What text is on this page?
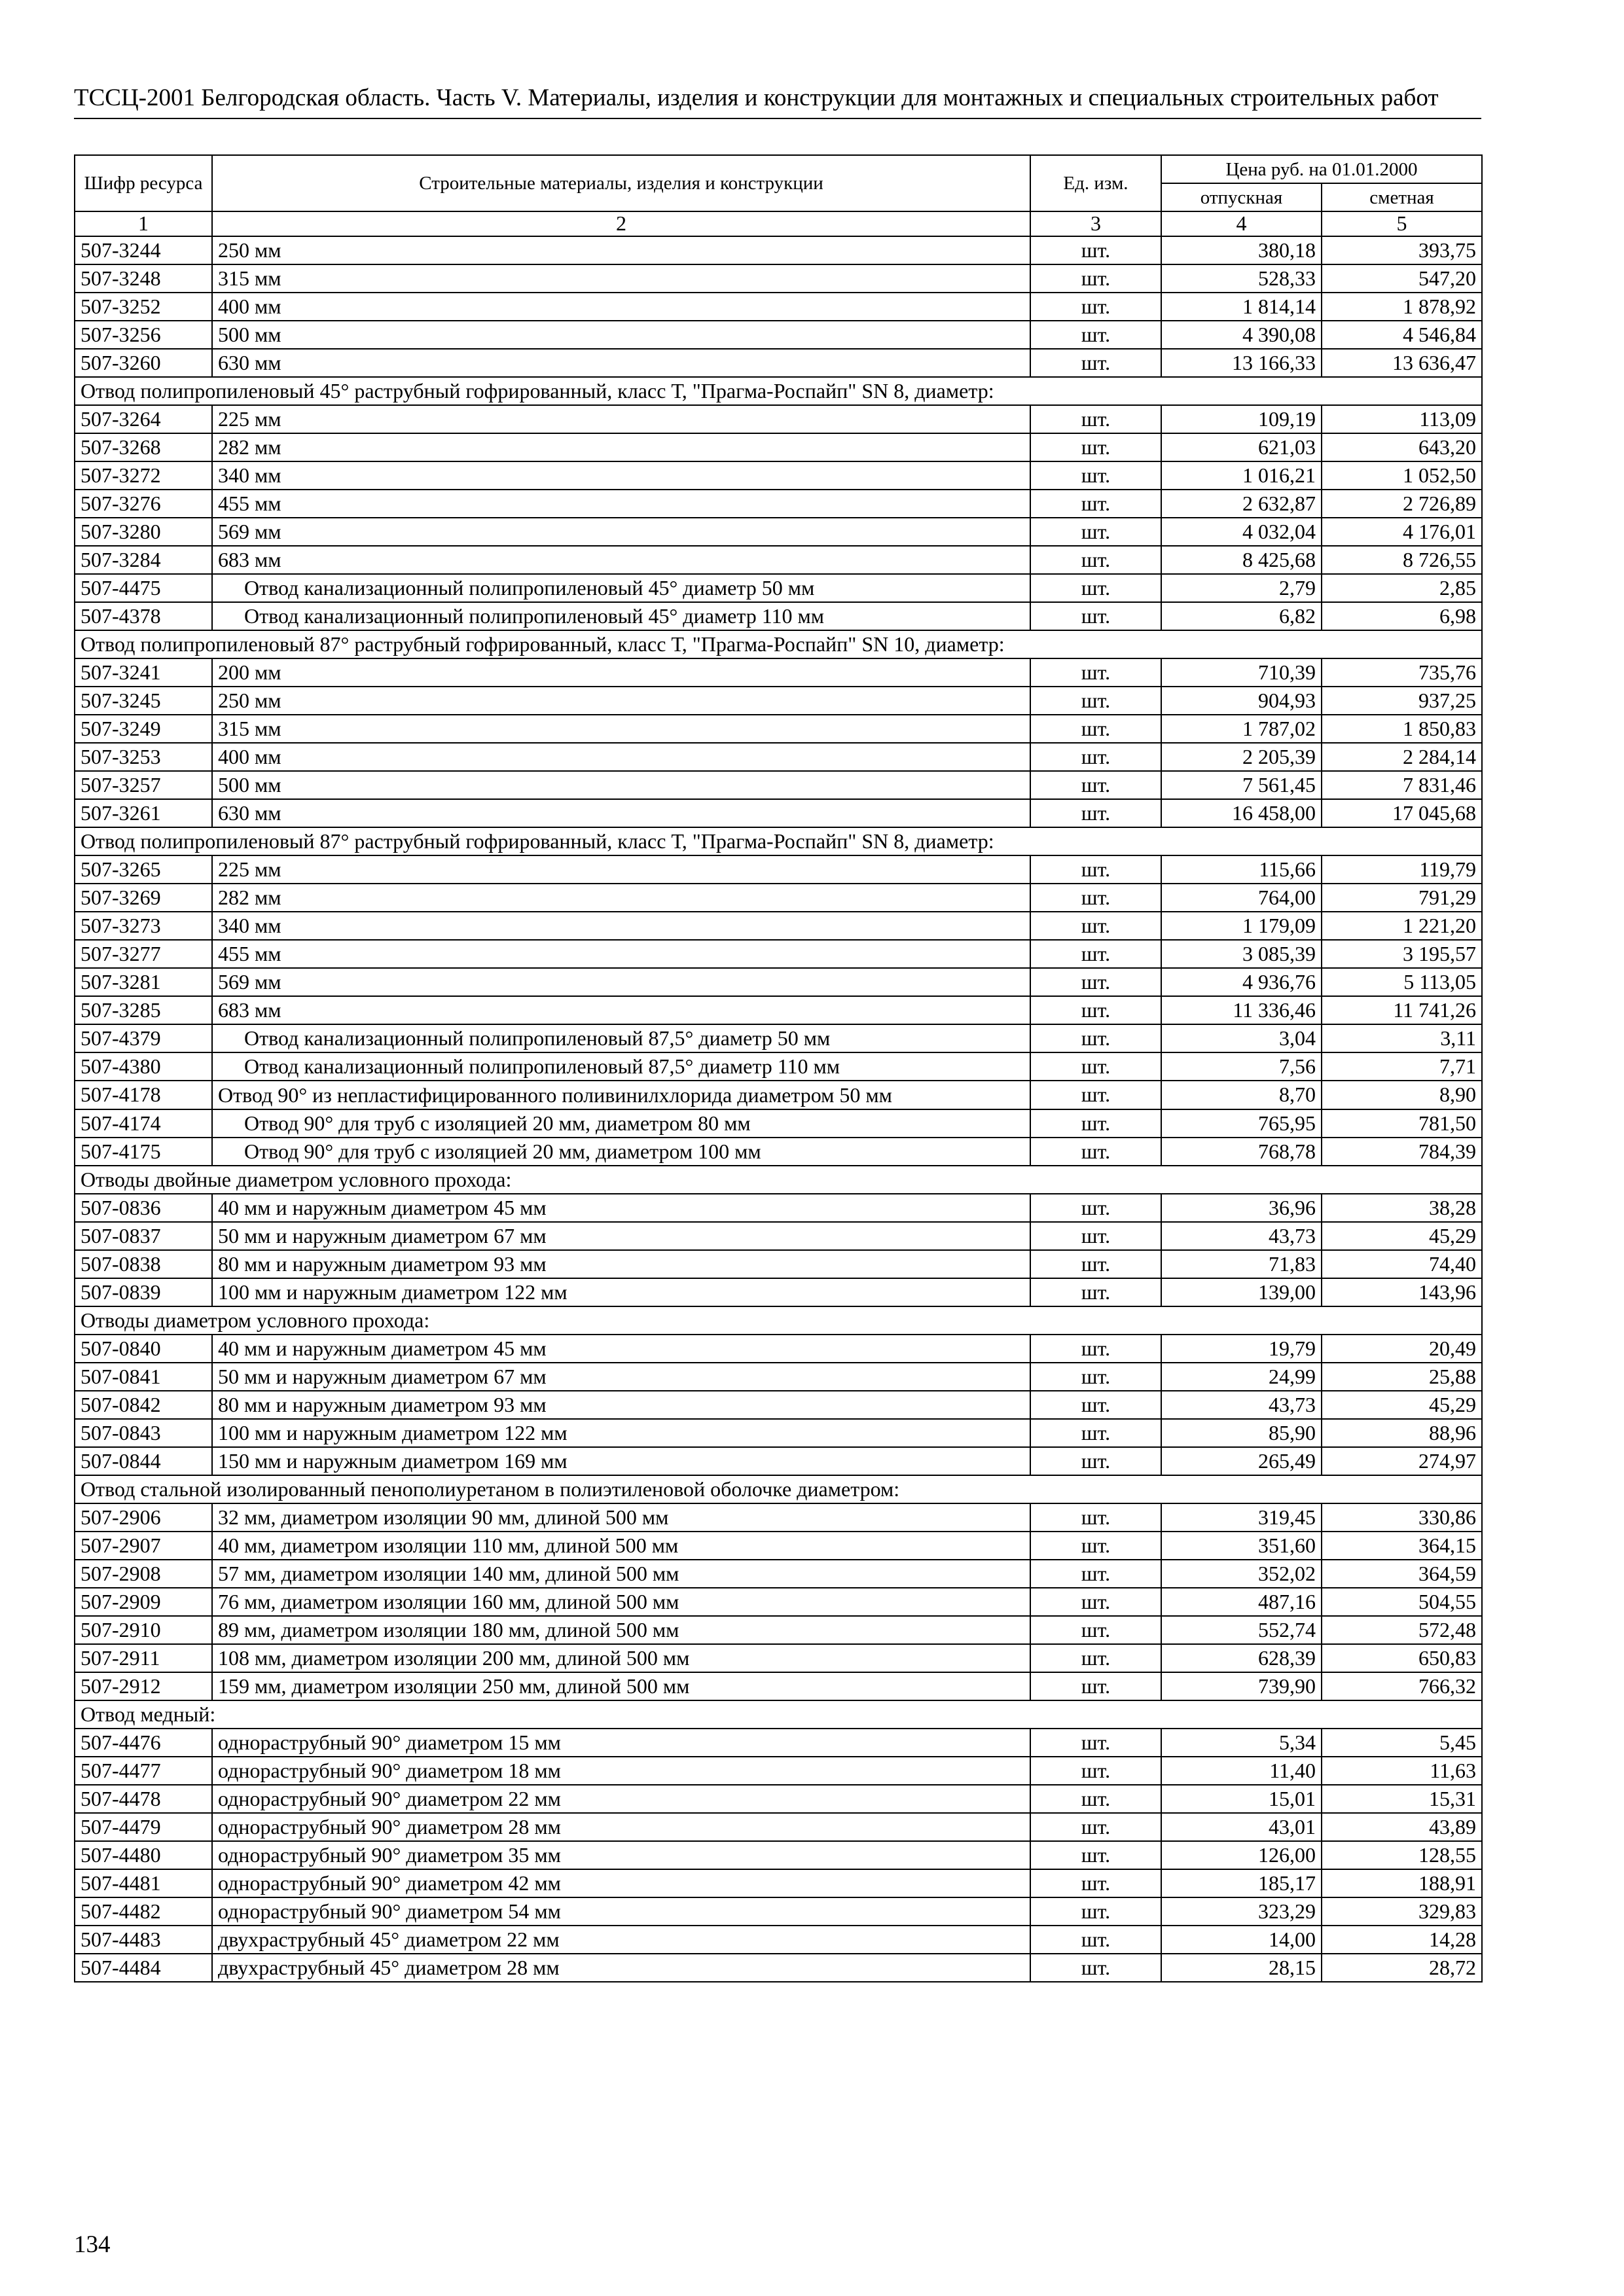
ТССЦ-2001 Белгородская область. Часть V. Материалы, изделия и конструкции для монтажных и специальных строительных работ
Шифр ресурса	Строительные материалы, изделия и конструкции	Ед. изм.	Цена руб. на 01.01.2000	
			отпускная	сметная
1	2	3	4	5
507-3244	250 мм	шт.	380,18	393,75
507-3248	315 мм	шт.	528,33	547,20
507-3252	400 мм	шт.	1 814,14	1 878,92
507-3256	500 мм	шт.	4 390,08	4 546,84
507-3260	630 мм	шт.	13 166,33	13 636,47
Отвод полипропиленовый 45° раструбный гофрированный, класс Т, "Прагма-Роспайп" SN 8, диаметр:				
507-3264	225 мм	шт.	109,19	113,09
507-3268	282 мм	шт.	621,03	643,20
507-3272	340 мм	шт.	1 016,21	1 052,50
507-3276	455 мм	шт.	2 632,87	2 726,89
507-3280	569 мм	шт.	4 032,04	4 176,01
507-3284	683 мм	шт.	8 425,68	8 726,55
507-4475	Отвод канализационный полипропиленовый 45° диаметр 50 мм	шт.	2,79	2,85
507-4378	Отвод канализационный полипропиленовый 45° диаметр 110 мм	шт.	6,82	6,98
Отвод полипропиленовый 87° раструбный гофрированный, класс Т, "Прагма-Роспайп" SN 10, диаметр:				
507-3241	200 мм	шт.	710,39	735,76
507-3245	250 мм	шт.	904,93	937,25
507-3249	315 мм	шт.	1 787,02	1 850,83
507-3253	400 мм	шт.	2 205,39	2 284,14
507-3257	500 мм	шт.	7 561,45	7 831,46
507-3261	630 мм	шт.	16 458,00	17 045,68
Отвод полипропиленовый 87° раструбный гофрированный, класс Т, "Прагма-Роспайп" SN 8, диаметр:				
507-3265	225 мм	шт.	115,66	119,79
507-3269	282 мм	шт.	764,00	791,29
507-3273	340 мм	шт.	1 179,09	1 221,20
507-3277	455 мм	шт.	3 085,39	3 195,57
507-3281	569 мм	шт.	4 936,76	5 113,05
507-3285	683 мм	шт.	11 336,46	11 741,26
507-4379	Отвод канализационный полипропиленовый 87,5° диаметр 50 мм	шт.	3,04	3,11
507-4380	Отвод канализационный полипропиленовый 87,5° диаметр 110 мм	шт.	7,56	7,71
507-4178	Отвод 90° из непластифицированного поливинилхлорида диаметром 50 мм	шт.	8,70	8,90
507-4174	Отвод 90° для труб с изоляцией 20 мм, диаметром 80 мм	шт.	765,95	781,50
507-4175	Отвод 90° для труб с изоляцией 20 мм, диаметром 100 мм	шт.	768,78	784,39
Отводы двойные диаметром условного прохода:				
507-0836	40 мм и наружным диаметром 45 мм	шт.	36,96	38,28
507-0837	50 мм и наружным диаметром 67 мм	шт.	43,73	45,29
507-0838	80 мм и наружным диаметром 93 мм	шт.	71,83	74,40
507-0839	100 мм и наружным диаметром 122 мм	шт.	139,00	143,96
Отводы диаметром условного прохода:				
507-0840	40 мм и наружным диаметром 45 мм	шт.	19,79	20,49
507-0841	50 мм и наружным диаметром 67 мм	шт.	24,99	25,88
507-0842	80 мм и наружным диаметром 93 мм	шт.	43,73	45,29
507-0843	100 мм и наружным диаметром 122 мм	шт.	85,90	88,96
507-0844	150 мм и наружным диаметром 169 мм	шт.	265,49	274,97
Отвод стальной изолированный пенополиуретаном в полиэтиленовой оболочке диаметром:				
507-2906	32 мм, диаметром изоляции 90 мм, длиной 500 мм	шт.	319,45	330,86
507-2907	40 мм, диаметром изоляции 110 мм, длиной 500 мм	шт.	351,60	364,15
507-2908	57 мм, диаметром изоляции 140 мм, длиной 500 мм	шт.	352,02	364,59
507-2909	76 мм, диаметром изоляции 160 мм, длиной 500 мм	шт.	487,16	504,55
507-2910	89 мм, диаметром изоляции 180 мм, длиной 500 мм	шт.	552,74	572,48
507-2911	108 мм, диаметром изоляции 200 мм, длиной 500 мм	шт.	628,39	650,83
507-2912	159 мм, диаметром изоляции 250 мм, длиной 500 мм	шт.	739,90	766,32
Отвод медный:				
507-4476	однораструбный 90° диаметром 15 мм	шт.	5,34	5,45
507-4477	однораструбный 90° диаметром 18 мм	шт.	11,40	11,63
507-4478	однораструбный 90° диаметром 22 мм	шт.	15,01	15,31
507-4479	однораструбный 90° диаметром 28 мм	шт.	43,01	43,89
507-4480	однораструбный 90° диаметром 35 мм	шт.	126,00	128,55
507-4481	однораструбный 90° диаметром 42 мм	шт.	185,17	188,91
507-4482	однораструбный 90° диаметром 54 мм	шт.	323,29	329,83
507-4483	двухраструбный 45° диаметром 22 мм	шт.	14,00	14,28
507-4484	двухраструбный 45° диаметром 28 мм	шт.	28,15	28,72
134
